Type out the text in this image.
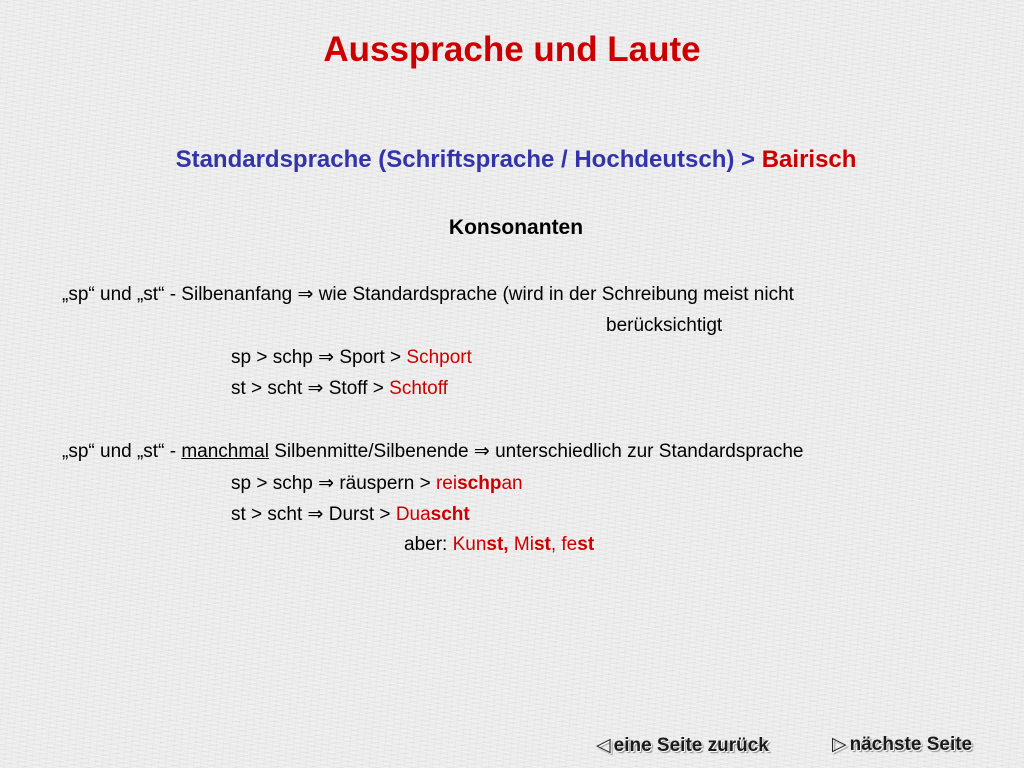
Aussprache und Laute
Standardsprache (Schriftsprache / Hochdeutsch) > Bairisch
Konsonanten
„sp“ und „st“ - Silbenanfang ⇒ wie Standardsprache (wird in der Schreibung meist nicht
berücksichtigt
sp > schp ⇒ Sport > Schport
st > scht ⇒ Stoff > Schtoff
„sp“ und „st“ - manchmal Silbenmitte/Silbenende ⇒ unterschiedlich zur Standardsprache
sp > schp ⇒ räuspern > reischpan
st > scht ⇒ Durst > Duascht
aber: Kunst, Mist, fest
◁ eine Seite zurück	▷ nächste Seite
